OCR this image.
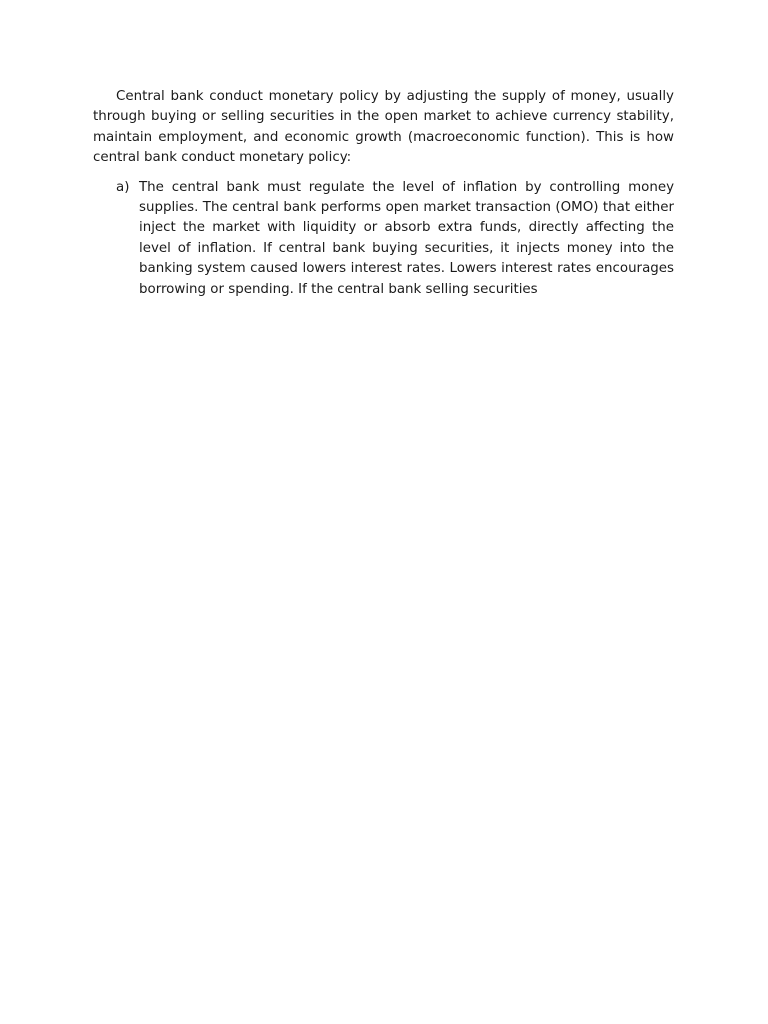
Central bank conduct monetary policy by adjusting the supply of money, usually through buying or selling securities in the open market to achieve currency stability, maintain employment, and economic growth (macroeconomic function). This is how central bank conduct monetary policy:

a) The central bank must regulate the level of inflation by controlling money supplies. The central bank performs open market transaction (OMO) that either inject the market with liquidity or absorb extra funds, directly affecting the level of inflation. If central bank buying securities, it injects money into the banking system caused lowers interest rates. Lowers interest rates encourages borrowing or spending. If the central bank selling securities
